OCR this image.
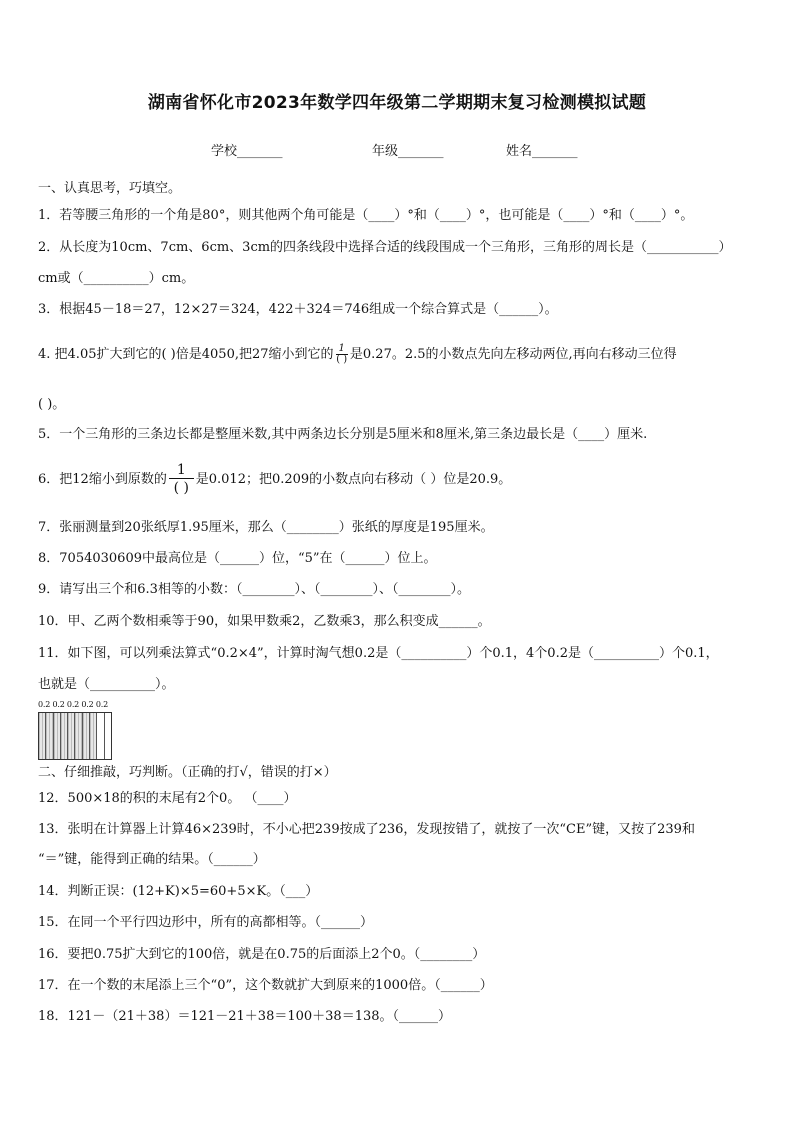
湖南省怀化市2023年数学四年级第二学期期末复习检测模拟试题
学校_______	年级_______	姓名_______
一、认真思考，巧填空。
1．若等腰三角形的一个角是80°，则其他两个角可能是（____）°和（____）°，也可能是（____）°和（____）°。
2．从长度为10cm、7cm、6cm、3cm的四条线段中选择合适的线段围成一个三角形，三角形的周长是（___________）
cm或（__________）cm。
3．根据45－18＝27，12×27＝324，422＋324＝746组成一个综合算式是（______）。
4. 把4.05扩大到它的( )倍是4050,把27缩小到它的 $\frac{1}{( )}$ 是0.27。2.5的小数点先向左移动两位,再向右移动三位得
( )。
5．一个三角形的三条边长都是整厘米数,其中两条边长分别是5厘米和8厘米,第三条边最长是（____）厘米.
6．把12缩小到原数的 $\frac{1}{( )}$ 是0.012；把0.209的小数点向右移动（ ）位是20.9。
7．张丽测量到20张纸厚1.95厘米，那么（________）张纸的厚度是195厘米。
8．7054030609中最高位是（______）位，“5”在（______）位上。
9．请写出三个和6.3相等的小数：（________）、（________）、（________）。
10．甲、乙两个数相乘等于90，如果甲数乘2，乙数乘3，那么积变成______。
11．如下图，可以列乘法算式“0.2×4”，计算时淘气想0.2是（__________）个0.1，4个0.2是（__________）个0.1，
也就是（__________）。
0.2 0.2 0.2 0.2 0.2
二、仔细推敲，巧判断。（正确的打√，错误的打×）
12．500×18的积的末尾有2个0。 （____）
13．张明在计算器上计算46×239时，不小心把239按成了236，发现按错了，就按了一次“CE”键，又按了239和
“＝”键，能得到正确的结果。（______）
14．判断正误：(12+K)×5=60+5×K。（___）
15．在同一个平行四边形中，所有的高都相等。（______）
16．要把0.75扩大到它的100倍，就是在0.75的后面添上2个0。（________）
17．在一个数的末尾添上三个“0”，这个数就扩大到原来的1000倍。（______）
18．121－（21＋38）＝121－21＋38＝100＋38＝138。（______）
